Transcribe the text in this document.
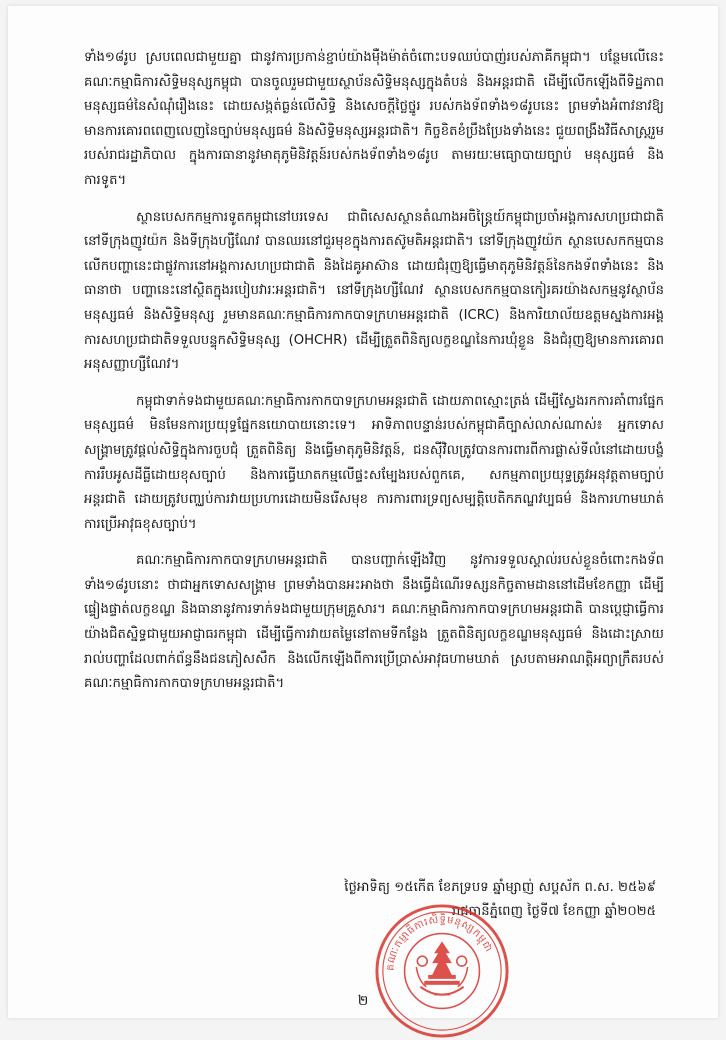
ទាំង១៨រូប ស្របពេលជាមួយគ្នា ជានូវការប្រកាន់ខ្ជាប់យ៉ាងម៉ឺងម៉ាត់ចំពោះបទឈប់បាញ់របស់ភាគីកម្ពុជា។ បន្ថែមលើនេះ គណៈកម្មាធិការសិទ្ធិមនុស្សកម្ពុជា បានចូលរួមជាមួយស្ថាប័នសិទ្ធិមនុស្សក្នុងតំបន់ និងអន្តរជាតិ ដើម្បីលើកឡើងពីទិដ្ឋភាពមនុស្សធម៌នៃសំណុំរឿងនេះ ដោយសង្កត់ធ្ងន់លើសិទ្ធិ និងសេចក្តីថ្លៃថ្នូរ របស់កងទ័ពទាំង១៨រូបនេះ ព្រមទាំងអំពាវនាវឱ្យមានការគោរពពេញលេញនៃច្បាប់មនុស្សធម៌ និងសិទ្ធិមនុស្សអន្តរជាតិ។ កិច្ចខិតខំប្រឹងប្រែងទាំងនេះ ជួយពង្រឹងវិធីសាស្ត្ររួមរបស់រាជរដ្ឋាភិបាល ក្នុងការធានានូវមាតុភូមិនិវត្តន៍របស់កងទ័ពទាំង១៨រូប តាមរយៈមធ្យោបាយច្បាប់ មនុស្សធម៌ និងការទូត។

ស្ថានបេសកកម្មការទូតកម្ពុជានៅបរទេស ជាពិសេសស្ថានតំណាងអចិន្ត្រៃយ៍កម្ពុជាប្រចាំអង្គការសហប្រជាជាតិ នៅទីក្រុងញូវយ៉ក និងទីក្រុងហ្សឺណែវ បានឈរនៅជួរមុខក្នុងការតស៊ូមតិអន្តរជាតិ។ នៅទីក្រុងញូវយ៉ក ស្ថានបេសកកម្មបានលើកបញ្ហានេះជាផ្លូវការនៅអង្គការសហប្រជាជាតិ និងដៃគូអាស៊ាន ដោយជំរុញឱ្យធ្វើមាតុភូមិនិវត្តន៍នៃកងទ័ពទាំងនេះ និងធានាថា បញ្ហានេះនៅស្ថិតក្នុងរបៀបវារៈអន្តរជាតិ។ នៅទីក្រុងហ្សឺណែវ ស្ថានបេសកកម្មបានកៀរគរយ៉ាងសកម្មនូវស្ថាប័នមនុស្សធម៌ និងសិទ្ធិមនុស្ស រួមមានគណៈកម្មាធិការកាកបាទក្រហមអន្តរជាតិ (ICRC) និងការិយាល័យឧត្តមស្នងការអង្គការសហប្រជាជាតិទទួលបន្ទុកសិទ្ធិមនុស្ស (OHCHR) ដើម្បីត្រួតពិនិត្យលក្ខខណ្ឌនៃការឃុំខ្លួន និងជំរុញឱ្យមានការគោរពអនុសញ្ញាហ្សឺណែវ។

កម្ពុជាទាក់ទងជាមួយគណៈកម្មាធិការកាកបាទក្រហមអន្តរជាតិ ដោយភាពស្មោះត្រង់ ដើម្បីស្វែងរកការគាំពារផ្នែកមនុស្សធម៌ មិនមែនការប្រយុទ្ធផ្នែកនយោបាយនោះទេ។ អាទិភាពបន្ទាន់របស់កម្ពុជាគឺច្បាស់លាស់ណាស់៖ អ្នកទោសសង្គ្រាមត្រូវផ្តល់សិទ្ធិក្នុងការចួបជុំ ត្រួតពិនិត្យ និងធ្វើមាតុភូមិនិវត្តន៍, ជនស៊ីវិលត្រូវបានការពារពីការផ្លាស់ទីលំនៅដោយបង្ខំ ការរឹបអូសដីធ្លីដោយខុសច្បាប់ និងការធ្វើឃាតកម្មលើផ្ទះសម្បែងរបស់ពួកគេ, សកម្មភាពប្រយុទ្ធត្រូវអនុវត្តតាមច្បាប់អន្តរជាតិ ដោយត្រូវបញ្ឈប់ការវាយប្រហារដោយមិនរើសមុខ ការការពារទ្រព្យសម្បត្តិបេតិកភណ្ឌវប្បធម៌ និងការហាមឃាត់ការប្រើអាវុធខុសច្បាប់។

គណៈកម្មាធិការកាកបាទក្រហមអន្តរជាតិ បានបញ្ជាក់ឡើងវិញ នូវការទទួលស្គាល់របស់ខ្លួនចំពោះកងទ័ពទាំង១៨រូបនោះ ថាជាអ្នកទោសសង្គ្រាម ព្រមទាំងបានអះអាងថា នឹងធ្វើដំណើរទស្សនកិច្ចតាមដាននៅដើមខែកញ្ញា ដើម្បីផ្ទៀងផ្ទាត់លក្ខខណ្ឌ និងធានានូវការទាក់ទងជាមួយក្រុមគ្រួសារ។ គណៈកម្មាធិការកាកបាទក្រហមអន្តរជាតិ បានប្តេជ្ញាធ្វើការយ៉ាងជិតស្និទ្ធជាមួយអាជ្ញាធរកម្ពុជា ដើម្បីធ្វើការវាយតម្លៃនៅតាមទីកន្លែង ត្រួតពិនិត្យលក្ខខណ្ឌមនុស្សធម៌ និងដោះស្រាយរាល់បញ្ហាដែលពាក់ព័ន្ធនឹងជនភៀសសឹក និងលើកឡើងពីការប្រើប្រាស់អាវុធហាមឃាត់ ស្របតាមអាណត្តិអព្យាក្រឹតរបស់គណៈកម្មាធិការកាកបាទក្រហមអន្តរជាតិ។

ថ្ងៃអាទិត្យ ១៥កើត ខែភទ្របទ ឆ្នាំម្សាញ់ សប្តស័ក ព.ស. ២៥៦៩
រាជធានីភ្នំពេញ ថ្ងៃទី៧ ខែកញ្ញា ឆ្នាំ២០២៥
គណៈកម្មាធិការសិទ្ធិមនុស្សកម្ពុជា
២
